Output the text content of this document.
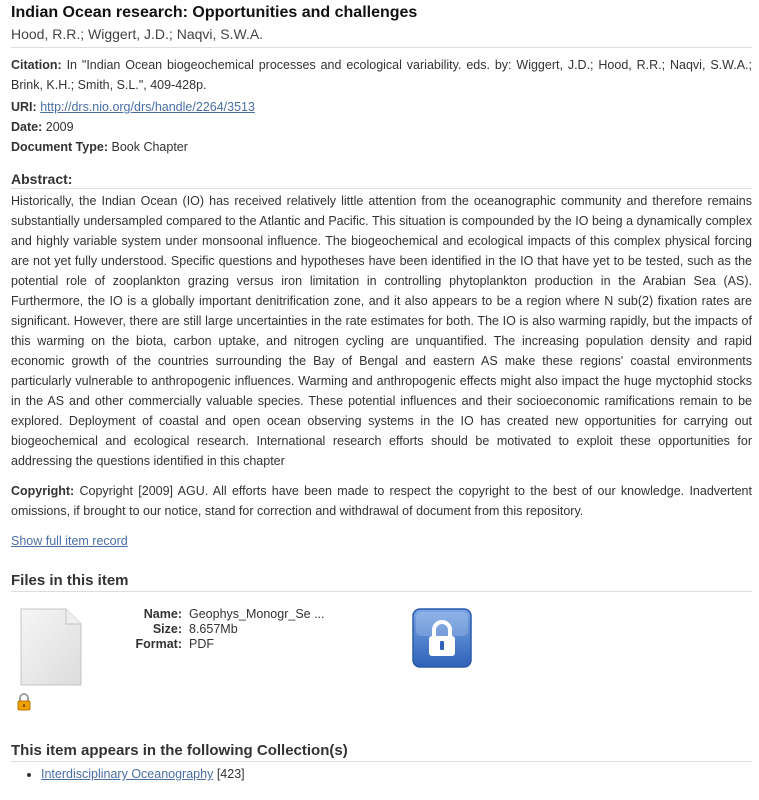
Indian Ocean research: Opportunities and challenges
Hood, R.R.; Wiggert, J.D.; Naqvi, S.W.A.
Citation: In "Indian Ocean biogeochemical processes and ecological variability. eds. by: Wiggert, J.D.; Hood, R.R.; Naqvi, S.W.A.; Brink, K.H.; Smith, S.L.", 409-428p.
URI: http://drs.nio.org/drs/handle/2264/3513
Date: 2009
Document Type: Book Chapter
Abstract:
Historically, the Indian Ocean (IO) has received relatively little attention from the oceanographic community and therefore remains substantially undersampled compared to the Atlantic and Pacific. This situation is compounded by the IO being a dynamically complex and highly variable system under monsoonal influence. The biogeochemical and ecological impacts of this complex physical forcing are not yet fully understood. Specific questions and hypotheses have been identified in the IO that have yet to be tested, such as the potential role of zooplankton grazing versus iron limitation in controlling phytoplankton production in the Arabian Sea (AS). Furthermore, the IO is a globally important denitrification zone, and it also appears to be a region where N sub(2) fixation rates are significant. However, there are still large uncertainties in the rate estimates for both. The IO is also warming rapidly, but the impacts of this warming on the biota, carbon uptake, and nitrogen cycling are unquantified. The increasing population density and rapid economic growth of the countries surrounding the Bay of Bengal and eastern AS make these regions' coastal environments particularly vulnerable to anthropogenic influences. Warming and anthropogenic effects might also impact the huge myctophid stocks in the AS and other commercially valuable species. These potential influences and their socioeconomic ramifications remain to be explored. Deployment of coastal and open ocean observing systems in the IO has created new opportunities for carrying out biogeochemical and ecological research. International research efforts should be motivated to exploit these opportunities for addressing the questions identified in this chapter
Copyright: Copyright [2009] AGU. All efforts have been made to respect the copyright to the best of our knowledge. Inadvertent omissions, if brought to our notice, stand for correction and withdrawal of document from this repository.
Show full item record
Files in this item
Name:	Geophys_Monogr_Se ...
Size:	8.657Mb
Format:	PDF
This item appears in the following Collection(s)
• Interdisciplinary Oceanography [423]
